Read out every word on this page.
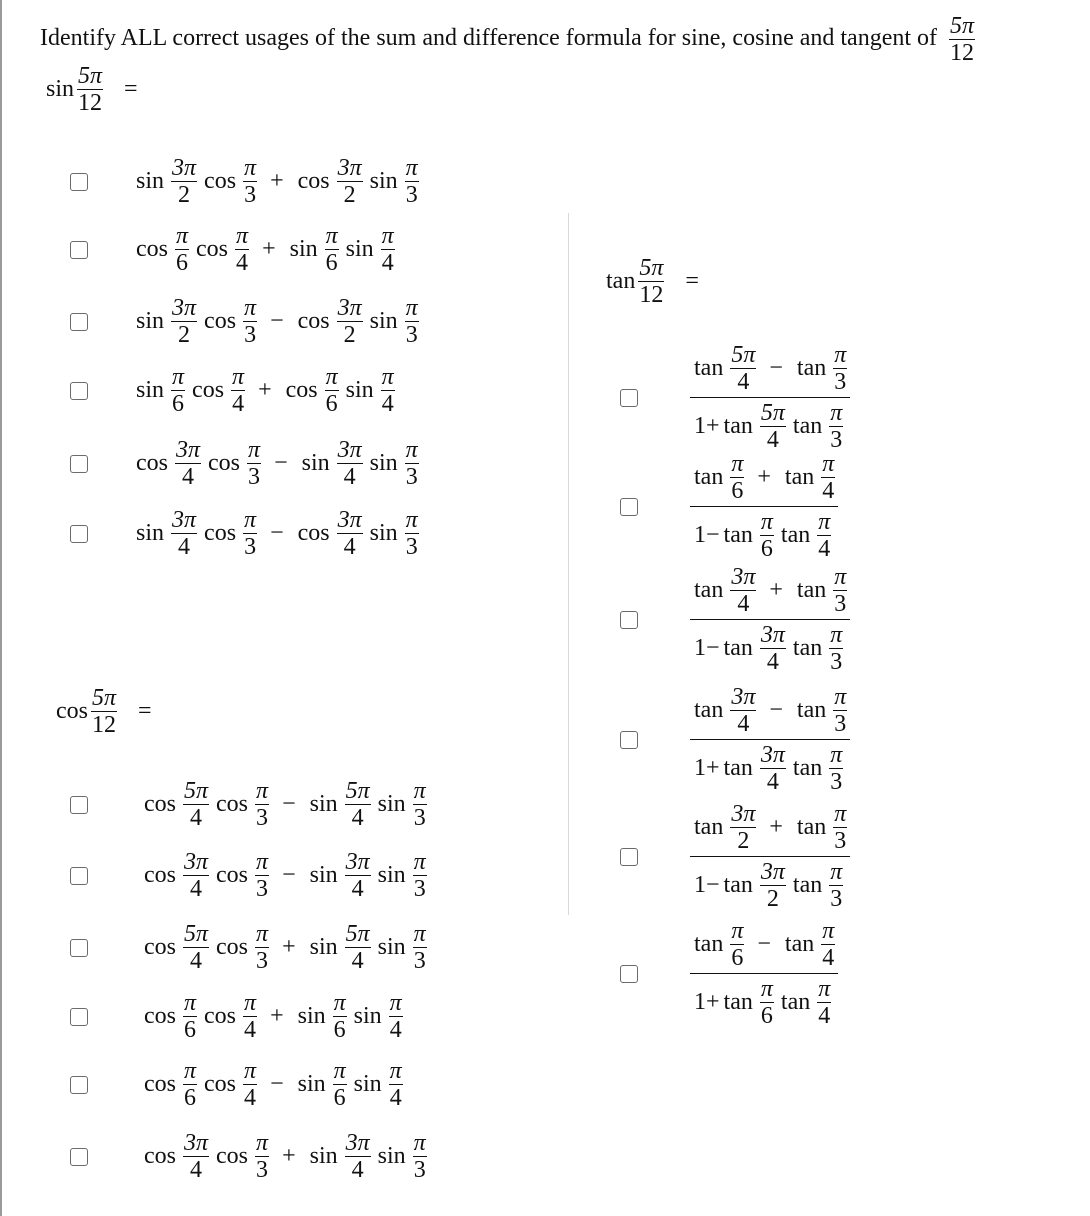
Identify ALL correct usages of the sum and difference formula for sine, cosine and tangent of $\frac{5\pi}{12}$
$\sin \frac{5\pi}{12}$ =
$\sin \frac{3\pi}{2}$ $\cos \frac{\pi}{3} + \cos \frac{3\pi}{2}$ $\sin \frac{\pi}{3}$
$\cos \frac{\pi}{6}$ $\cos \frac{\pi}{4} + \sin \frac{\pi}{6}$ $\sin \frac{\pi}{4}$
$\sin \frac{3\pi}{2}$ $\cos \frac{\pi}{3} - \cos \frac{3\pi}{2}$ $\sin \frac{\pi}{3}$
$\sin \frac{\pi}{6}$ $\cos \frac{\pi}{4} + \cos \frac{\pi}{6}$ $\sin \frac{\pi}{4}$
$\cos \frac{3\pi}{4}$ $\cos \frac{\pi}{3} - \sin \frac{3\pi}{4}$ $\sin \frac{\pi}{3}$
$\sin \frac{3\pi}{4}$ $\cos \frac{\pi}{3} - \cos \frac{3\pi}{4}$ $\sin \frac{\pi}{3}$
$\cos \frac{5\pi}{12}$ =
$\cos \frac{5\pi}{4}$ $\cos \frac{\pi}{3} - \sin \frac{5\pi}{4}$ $\sin \frac{\pi}{3}$
$\cos \frac{3\pi}{4}$ $\cos \frac{\pi}{3} - \sin \frac{3\pi}{4}$ $\sin \frac{\pi}{3}$
$\cos \frac{5\pi}{4}$ $\cos \frac{\pi}{3} + \sin \frac{5\pi}{4}$ $\sin \frac{\pi}{3}$
$\cos \frac{\pi}{6}$ $\cos \frac{\pi}{4} + \sin \frac{\pi}{6}$ $\sin \frac{\pi}{4}$
$\cos \frac{\pi}{6}$ $\cos \frac{\pi}{4} - \sin \frac{\pi}{6}$ $\sin \frac{\pi}{4}$
$\cos \frac{3\pi}{4}$ $\cos \frac{\pi}{3} + \sin \frac{3\pi}{4}$ $\sin \frac{\pi}{3}$
$\tan \frac{5\pi}{12}$ =
$\tan \frac{5\pi}{4} - \tan \frac{\pi}{3}$
$1+ \tan \frac{5\pi}{4}$ $\tan \frac{\pi}{3}$
$\tan \frac{\pi}{6} + \tan \frac{\pi}{4}$
$1- \tan \frac{\pi}{6}$ $\tan \frac{\pi}{4}$
$\tan \frac{3\pi}{4} + \tan \frac{\pi}{3}$
$1- \tan \frac{3\pi}{4}$ $\tan \frac{\pi}{3}$
$\tan \frac{3\pi}{4} - \tan \frac{\pi}{3}$
$1+ \tan \frac{3\pi}{4}$ $\tan \frac{\pi}{3}$
$\tan \frac{3\pi}{2} + \tan \frac{\pi}{3}$
$1- \tan \frac{3\pi}{2}$ $\tan \frac{\pi}{3}$
$\tan \frac{\pi}{6} - \tan \frac{\pi}{4}$
$1+ \tan \frac{\pi}{6}$ $\tan \frac{\pi}{4}$
